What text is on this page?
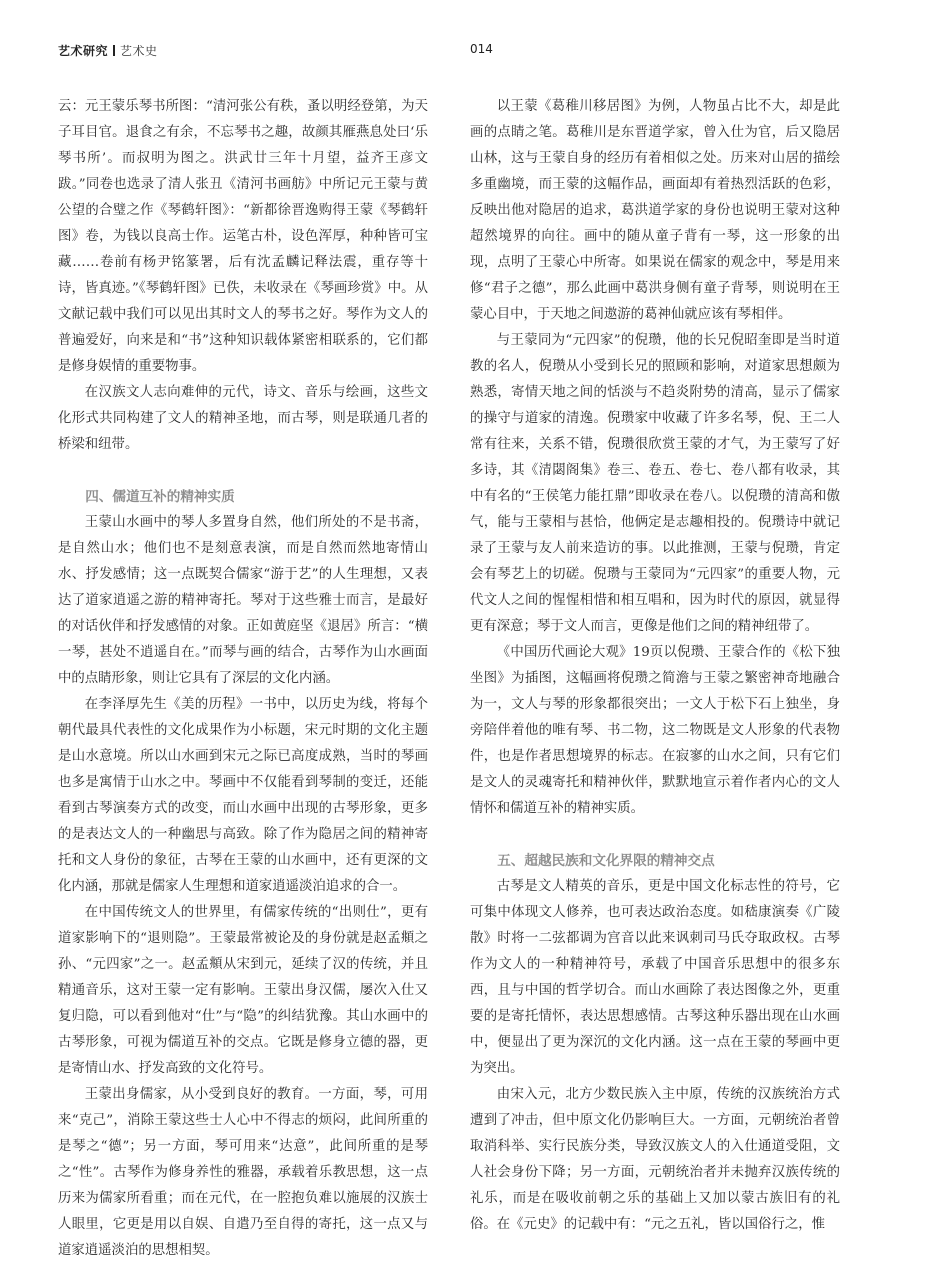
艺术研究 艺术史	014

云：元王蒙乐琴书所图：“清河张公有秩，蚤以明经登第，为天子耳目官。退食之有余，不忘琴书之趣，故颜其雁燕息处曰‘乐琴书所’。而叔明为图之。洪武廿三年十月望，益齐王彦文跋。”同卷也选录了清人张丑《清河书画舫》中所记元王蒙与黄公望的合璧之作《琴鹤轩图》：“新都徐晋逸购得王蒙《琴鹤轩图》卷，为钱以良高士作。运笔古朴，设色浑厚，种种皆可宝藏……卷前有杨尹铭篆署，后有沈孟麟记释法震，重存等十诗，皆真迹。”《琴鹤轩图》已佚，未收录在《琴画珍赏》中。从文献记载中我们可以见出其时文人的琴书之好。琴作为文人的普遍爱好，向来是和“书”这种知识载体紧密相联系的，它们都是修身娱情的重要物事。

在汉族文人志向难伸的元代，诗文、音乐与绘画，这些文化形式共同构建了文人的精神圣地，而古琴，则是联通几者的桥梁和纽带。

四、儒道互补的精神实质

王蒙山水画中的琴人多置身自然，他们所处的不是书斋，是自然山水；他们也不是刻意表演，而是自然而然地寄情山水、抒发感情；这一点既契合儒家“游于艺”的人生理想，又表达了道家逍遥之游的精神寄托。琴对于这些雅士而言，是最好的对话伙伴和抒发感情的对象。正如黄庭坚《退居》所言：“横一琴，甚处不逍遥自在。”而琴与画的结合，古琴作为山水画面中的点睛形象，则让它具有了深层的文化内涵。

在李泽厚先生《美的历程》一书中，以历史为线，将每个朝代最具代表性的文化成果作为小标题，宋元时期的文化主题是山水意境。所以山水画到宋元之际已高度成熟，当时的琴画也多是寓情于山水之中。琴画中不仅能看到琴制的变迁，还能看到古琴演奏方式的改变，而山水画中出现的古琴形象，更多的是表达文人的一种幽思与高致。除了作为隐居之间的精神寄托和文人身份的象征，古琴在王蒙的山水画中，还有更深的文化内涵，那就是儒家人生理想和道家逍遥淡泊追求的合一。

在中国传统文人的世界里，有儒家传统的“出则仕”，更有道家影响下的“退则隐”。王蒙最常被论及的身份就是赵孟頫之孙、“元四家”之一。赵孟頫从宋到元，延续了汉的传统，并且精通音乐，这对王蒙一定有影响。王蒙出身汉儒，屡次入仕又复归隐，可以看到他对“仕”与“隐”的纠结犹豫。其山水画中的古琴形象，可视为儒道互补的交点。它既是修身立德的器，更是寄情山水、抒发高致的文化符号。

王蒙出身儒家，从小受到良好的教育。一方面，琴，可用来“克己”，消除王蒙这些士人心中不得志的烦闷，此间所重的是琴之“德”；另一方面，琴可用来“达意”，此间所重的是琴之“性”。古琴作为修身养性的雅器，承载着乐教思想，这一点历来为儒家所看重；而在元代，在一腔抱负难以施展的汉族士人眼里，它更是用以自娱、自遣乃至自得的寄托，这一点又与道家逍遥淡泊的思想相契。

以王蒙《葛稚川移居图》为例，人物虽占比不大，却是此画的点睛之笔。葛稚川是东晋道学家，曾入仕为官，后又隐居山林，这与王蒙自身的经历有着相似之处。历来对山居的描绘多重幽境，而王蒙的这幅作品，画面却有着热烈活跃的色彩，反映出他对隐居的追求，葛洪道学家的身份也说明王蒙对这种超然境界的向往。画中的随从童子背有一琴，这一形象的出现，点明了王蒙心中所寄。如果说在儒家的观念中，琴是用来修“君子之德”，那么此画中葛洪身侧有童子背琴，则说明在王蒙心目中，于天地之间遨游的葛神仙就应该有琴相伴。

与王蒙同为“元四家”的倪瓒，他的长兄倪昭奎即是当时道教的名人，倪瓒从小受到长兄的照顾和影响，对道家思想颇为熟悉，寄情天地之间的恬淡与不趋炎附势的清高，显示了儒家的操守与道家的清逸。倪瓒家中收藏了许多名琴，倪、王二人常有往来，关系不错，倪瓒很欣赏王蒙的才气，为王蒙写了好多诗，其《清閟阁集》卷三、卷五、卷七、卷八都有收录，其中有名的“王侯笔力能扛鼎”即收录在卷八。以倪瓒的清高和傲气，能与王蒙相与甚恰，他俩定是志趣相投的。倪瓒诗中就记录了王蒙与友人前来造访的事。以此推测，王蒙与倪瓒，肯定会有琴艺上的切磋。倪瓒与王蒙同为“元四家”的重要人物，元代文人之间的惺惺相惜和相互唱和，因为时代的原因，就显得更有深意；琴于文人而言，更像是他们之间的精神纽带了。

《中国历代画论大观》19页以倪瓒、王蒙合作的《松下独坐图》为插图，这幅画将倪瓒之简澹与王蒙之繁密神奇地融合为一，文人与琴的形象都很突出；一文人于松下石上独坐，身旁陪伴着他的唯有琴、书二物，这二物既是文人形象的代表物件，也是作者思想境界的标志。在寂寥的山水之间，只有它们是文人的灵魂寄托和精神伙伴，默默地宣示着作者内心的文人情怀和儒道互补的精神实质。

五、超越民族和文化界限的精神交点

古琴是文人精英的音乐，更是中国文化标志性的符号，它可集中体现文人修养，也可表达政治态度。如嵇康演奏《广陵散》时将一二弦都调为宫音以此来讽刺司马氏夺取政权。古琴作为文人的一种精神符号，承载了中国音乐思想中的很多东西，且与中国的哲学切合。而山水画除了表达图像之外，更重要的是寄托情怀，表达思想感情。古琴这种乐器出现在山水画中，便显出了更为深沉的文化内涵。这一点在王蒙的琴画中更为突出。

由宋入元，北方少数民族入主中原，传统的汉族统治方式遭到了冲击，但中原文化仍影响巨大。一方面，元朝统治者曾取消科举、实行民族分类，导致汉族文人的入仕通道受阻，文人社会身份下降；另一方面，元朝统治者并未抛弃汉族传统的礼乐，而是在吸收前朝之乐的基础上又加以蒙古族旧有的礼俗。在《元史》的记载中有：“元之五礼，皆以国俗行之，惟
